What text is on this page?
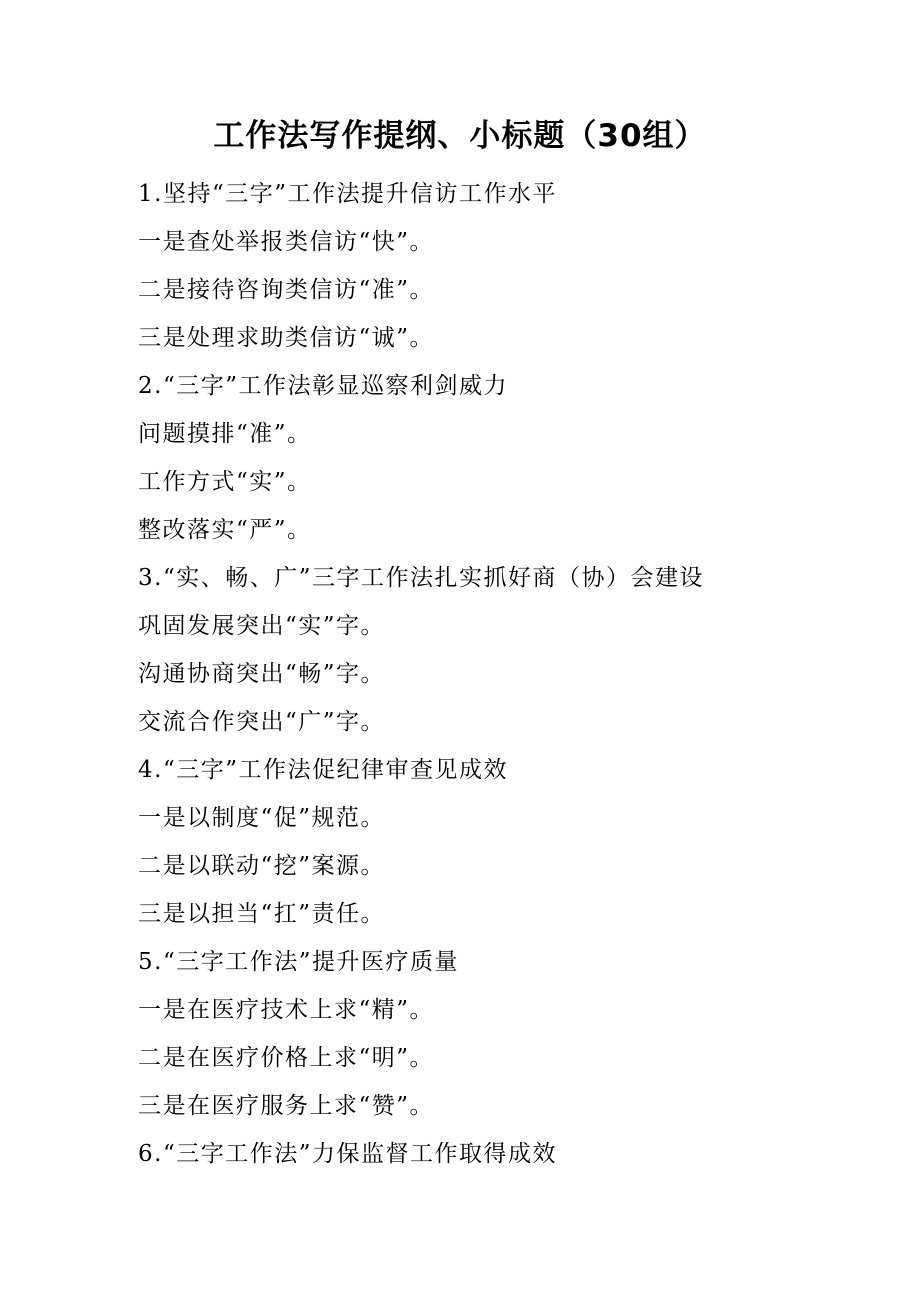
工作法写作提纲、小标题（30组）
1.坚持“三字”工作法提升信访工作水平
一是查处举报类信访“快”。
二是接待咨询类信访“准”。
三是处理求助类信访“诚”。
2.“三字”工作法彰显巡察利剑威力
问题摸排“准”。
工作方式“实”。
整改落实“严”。
3.“实、畅、广”三字工作法扎实抓好商（协）会建设
巩固发展突出“实”字。
沟通协商突出“畅”字。
交流合作突出“广”字。
4.“三字”工作法促纪律审查见成效
一是以制度“促”规范。
二是以联动“挖”案源。
三是以担当“扛”责任。
5.“三字工作法”提升医疗质量
一是在医疗技术上求“精”。
二是在医疗价格上求“明”。
三是在医疗服务上求“赞”。
6.“三字工作法”力保监督工作取得成效
